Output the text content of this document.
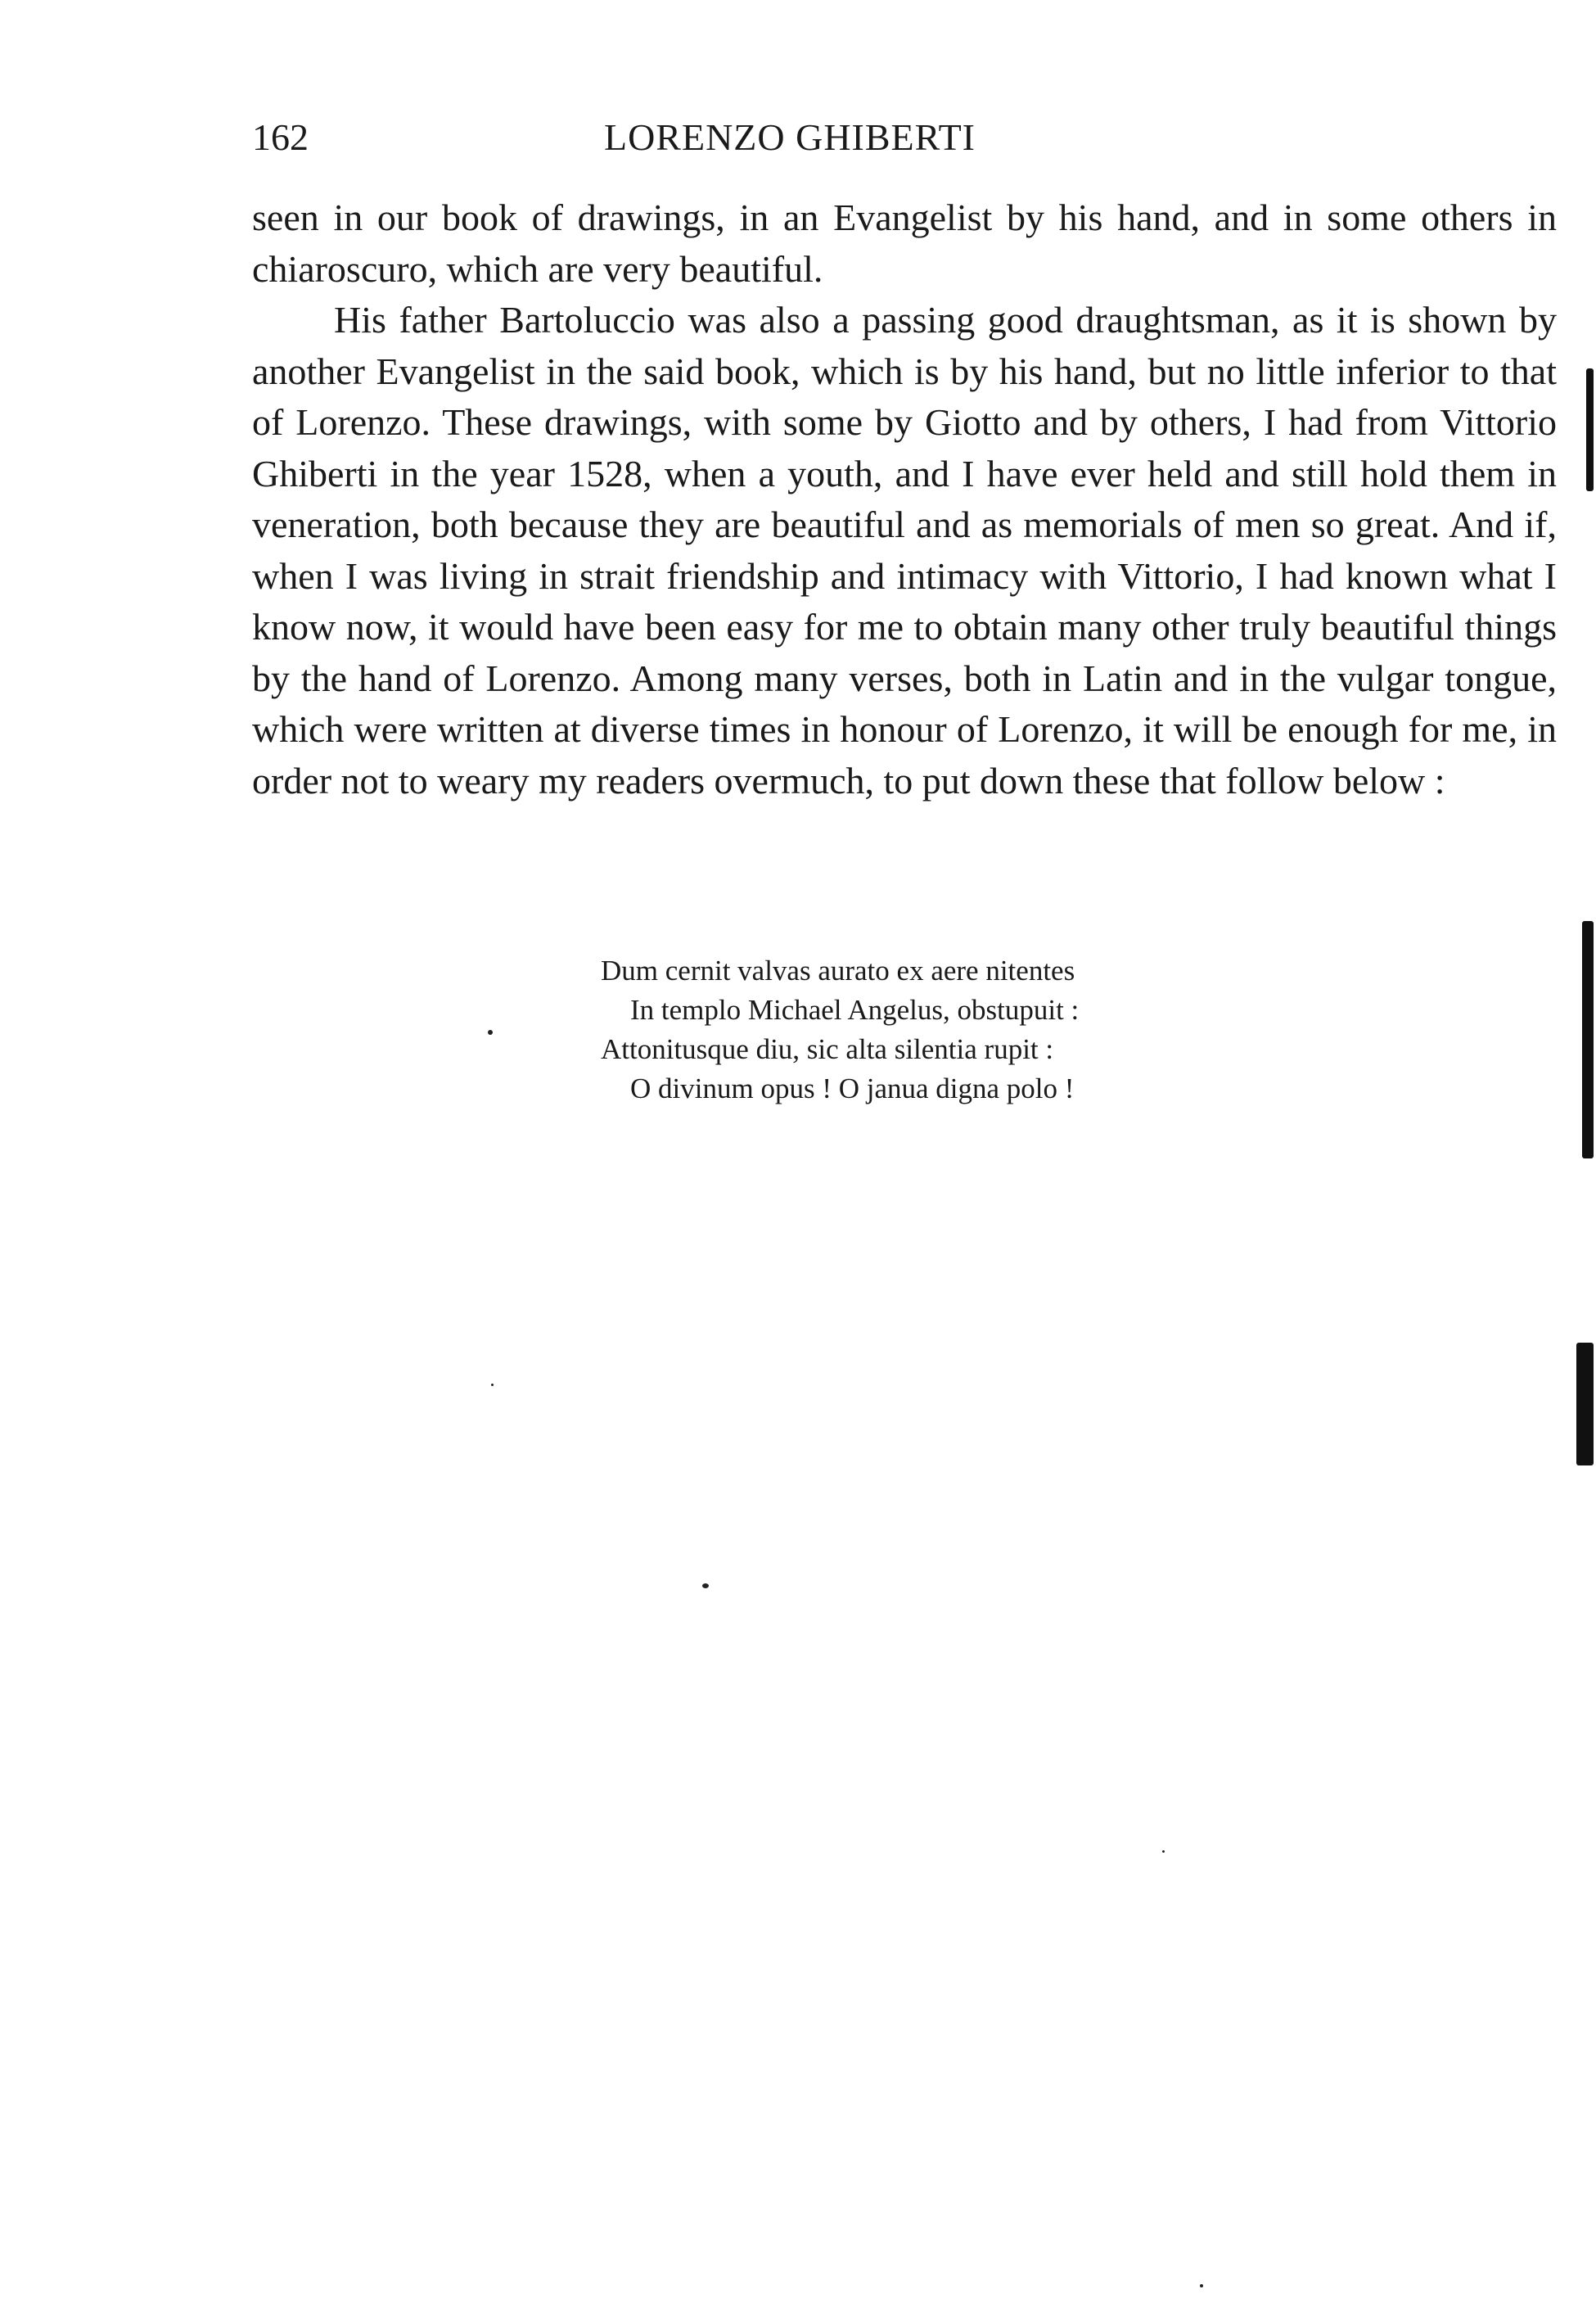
162	LORENZO GHIBERTI

seen in our book of drawings, in an Evangelist by his hand, and in some others in chiaroscuro, which are very beautiful.

His father Bartoluccio was also a passing good draughtsman, as it is shown by another Evangelist in the said book, which is by his hand, but no little inferior to that of Lorenzo. These drawings, with some by Giotto and by others, I had from Vittorio Ghiberti in the year 1528, when a youth, and I have ever held and still hold them in veneration, both because they are beautiful and as memorials of men so great. And if, when I was living in strait friendship and intimacy with Vittorio, I had known what I know now, it would have been easy for me to obtain many other truly beautiful things by the hand of Lorenzo. Among many verses, both in Latin and in the vulgar tongue, which were written at diverse times in honour of Lorenzo, it will be enough for me, in order not to weary my readers overmuch, to put down these that follow below :

Dum cernit valvas aurato ex aere nitentes
In templo Michael Angelus, obstupuit :
Attonitusque diu, sic alta silentia rupit :
O divinum opus ! O janua digna polo !
